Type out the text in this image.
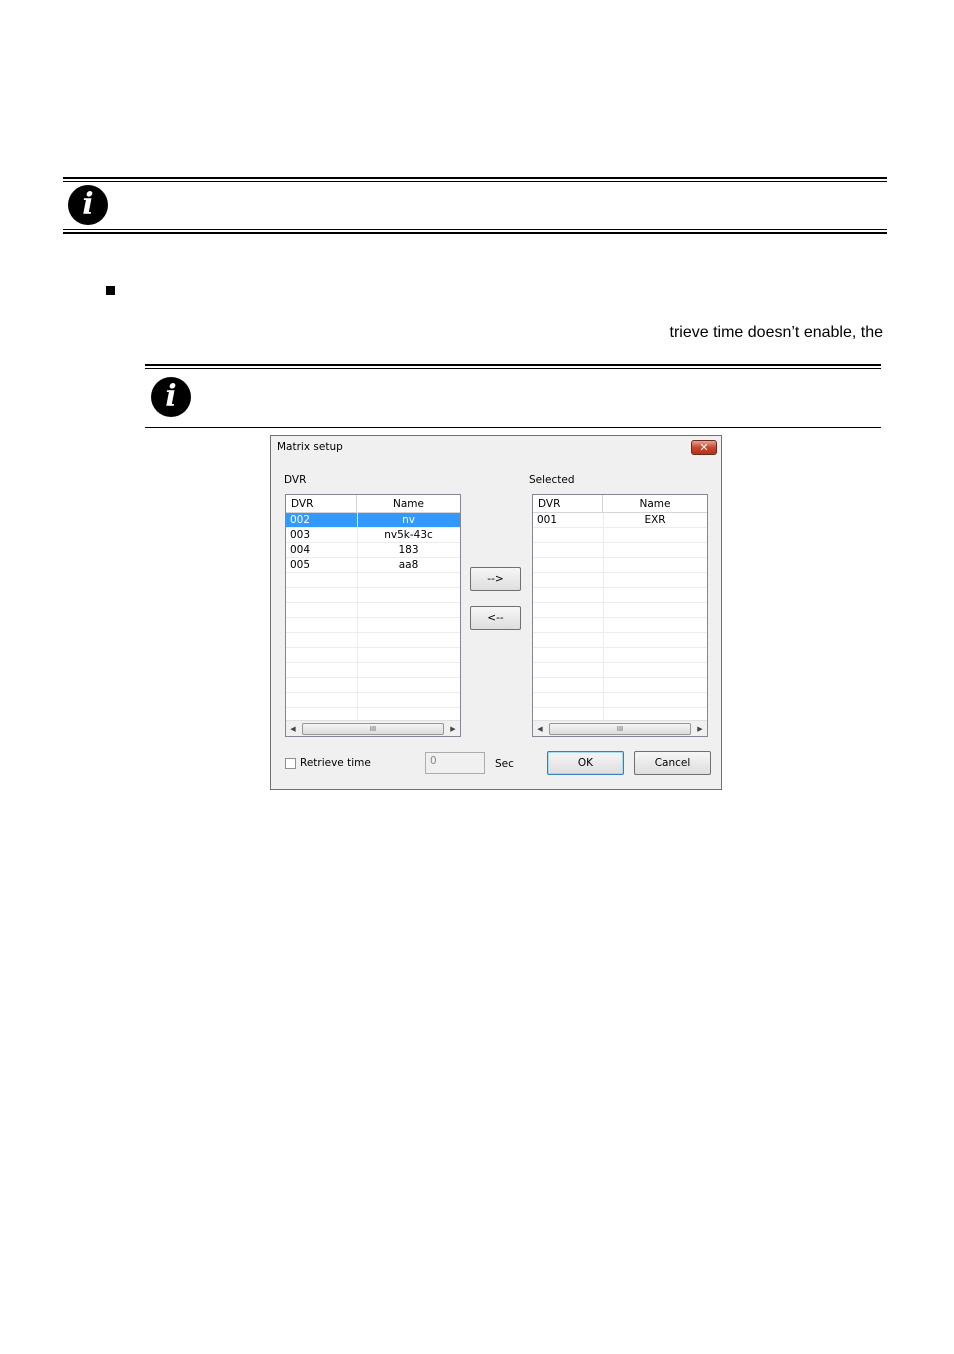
i
trieve time doesn’t enable, the
i
Matrix setup	✕
DVR	Selected
DVR	Name
002	nv
003	nv5k-43c
004	183
005	aa8
◀	III	▶
-->
<--
DVR	Name
001	EXR
◀	III	▶
Retrieve time	0	Sec	OK	Cancel
